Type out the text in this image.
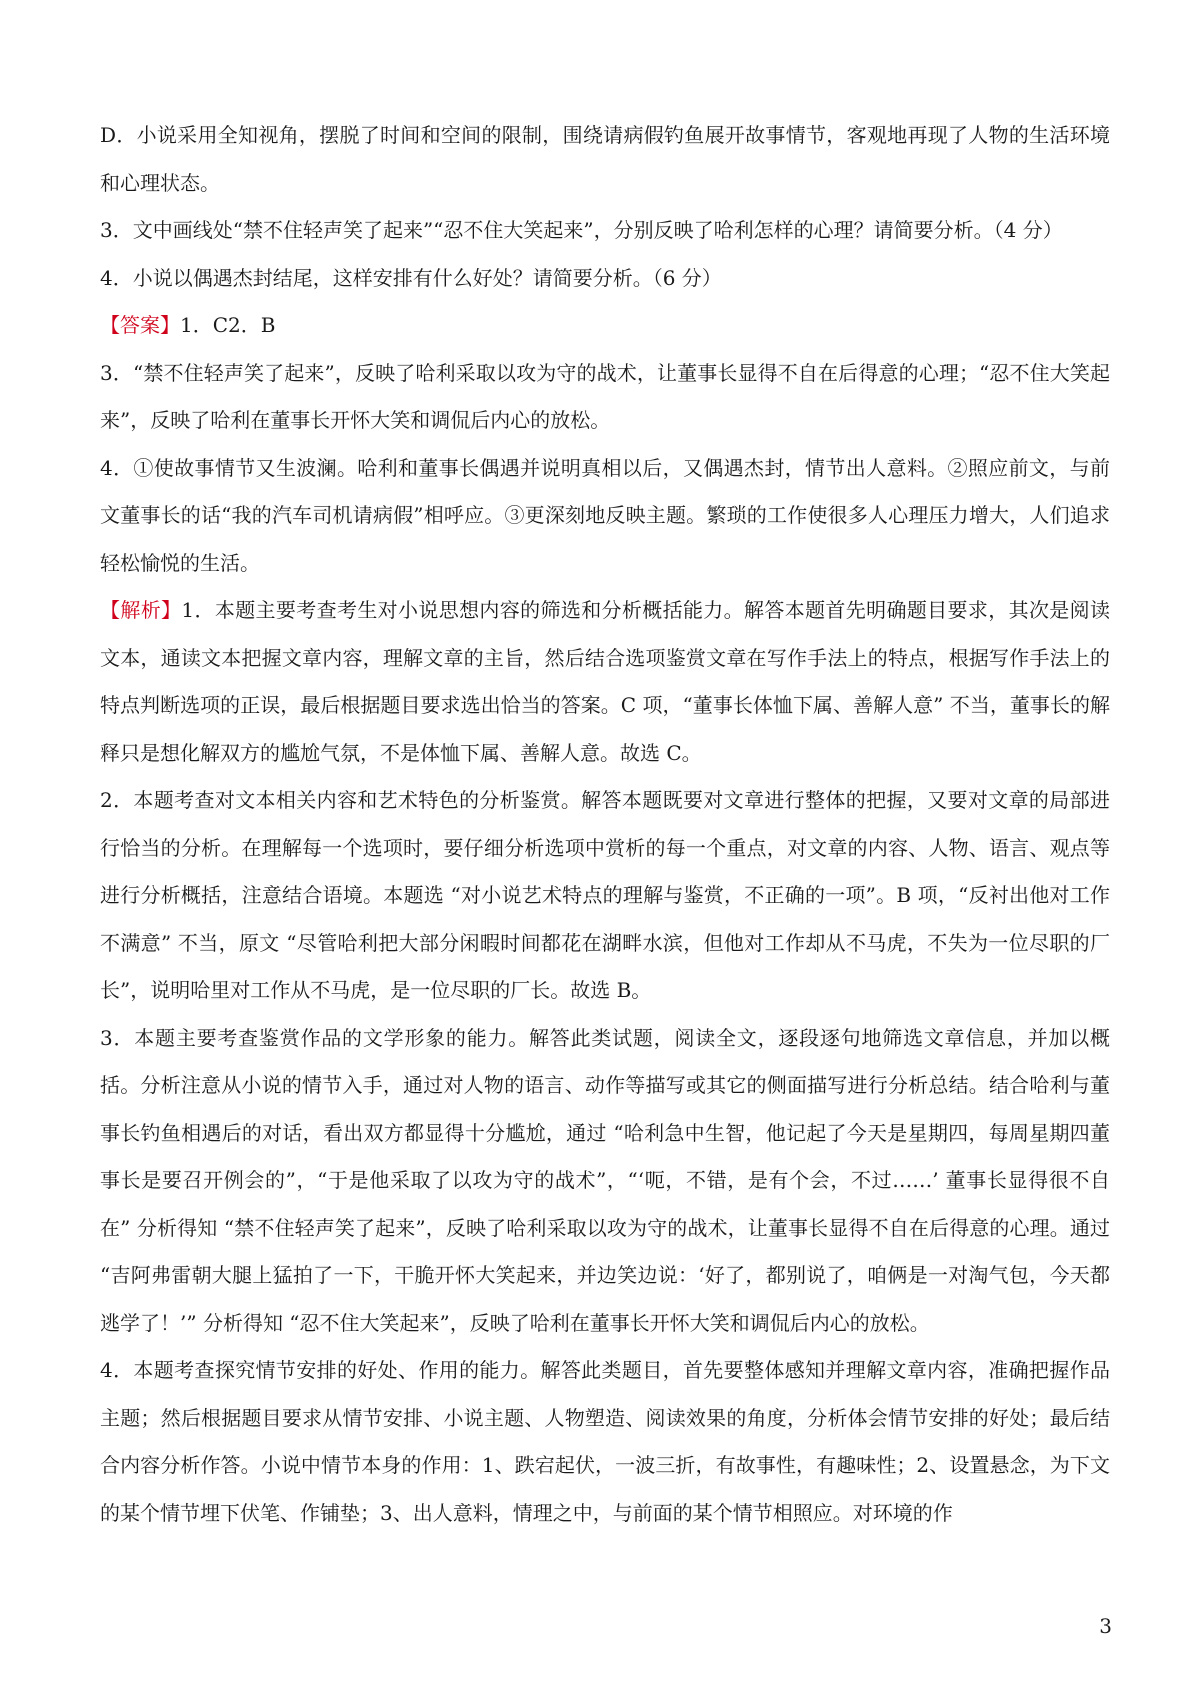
D．小说采用全知视角，摆脱了时间和空间的限制，围绕请病假钓鱼展开故事情节，客观地再现了人物的生活环境和心理状态。

3．文中画线处“禁不住轻声笑了起来”“忍不住大笑起来”，分别反映了哈利怎样的心理？请简要分析。（4 分）

4．小说以偶遇杰封结尾，这样安排有什么好处？请简要分析。（6 分）

【答案】1．C2．B

3．“禁不住轻声笑了起来”，反映了哈利采取以攻为守的战术，让董事长显得不自在后得意的心理；“忍不住大笑起来”，反映了哈利在董事长开怀大笑和调侃后内心的放松。

4．①使故事情节又生波澜。哈利和董事长偶遇并说明真相以后，又偶遇杰封，情节出人意料。②照应前文，与前文董事长的话“我的汽车司机请病假”相呼应。③更深刻地反映主题。繁琐的工作使很多人心理压力增大，人们追求轻松愉悦的生活。

【解析】1．本题主要考查考生对小说思想内容的筛选和分析概括能力。解答本题首先明确题目要求，其次是阅读文本，通读文本把握文章内容，理解文章的主旨，然后结合选项鉴赏文章在写作手法上的特点，根据写作手法上的特点判断选项的正误，最后根据题目要求选出恰当的答案。C 项，“董事长体恤下属、善解人意” 不当，董事长的解释只是想化解双方的尴尬气氛，不是体恤下属、善解人意。故选 C。

2．本题考查对文本相关内容和艺术特色的分析鉴赏。解答本题既要对文章进行整体的把握，又要对文章的局部进行恰当的分析。在理解每一个选项时，要仔细分析选项中赏析的每一个重点，对文章的内容、人物、语言、观点等进行分析概括，注意结合语境。本题选 “对小说艺术特点的理解与鉴赏，不正确的一项”。B 项，“反衬出他对工作不满意” 不当，原文 “尽管哈利把大部分闲暇时间都花在湖畔水滨，但他对工作却从不马虎，不失为一位尽职的厂长”，说明哈里对工作从不马虎，是一位尽职的厂长。故选 B。

3．本题主要考查鉴赏作品的文学形象的能力。解答此类试题，阅读全文，逐段逐句地筛选文章信息，并加以概括。分析注意从小说的情节入手，通过对人物的语言、动作等描写或其它的侧面描写进行分析总结。结合哈利与董事长钓鱼相遇后的对话，看出双方都显得十分尴尬，通过 “哈利急中生智，他记起了今天是星期四，每周星期四董事长是要召开例会的”，“于是他采取了以攻为守的战术”，“‘呃，不错，是有个会，不过……’ 董事长显得很不自在” 分析得知 “禁不住轻声笑了起来”，反映了哈利采取以攻为守的战术，让董事长显得不自在后得意的心理。通过 “吉阿弗雷朝大腿上猛拍了一下，干脆开怀大笑起来，并边笑边说：‘好了，都别说了，咱俩是一对淘气包，今天都逃学了！’” 分析得知 “忍不住大笑起来”，反映了哈利在董事长开怀大笑和调侃后内心的放松。

4．本题考查探究情节安排的好处、作用的能力。解答此类题目，首先要整体感知并理解文章内容，准确把握作品主题；然后根据题目要求从情节安排、小说主题、人物塑造、阅读效果的角度，分析体会情节安排的好处；最后结合内容分析作答。小说中情节本身的作用：1、跌宕起伏，一波三折，有故事性，有趣味性；2、设置悬念，为下文的某个情节埋下伏笔、作铺垫；3、出人意料，情理之中，与前面的某个情节相照应。对环境的作

3
